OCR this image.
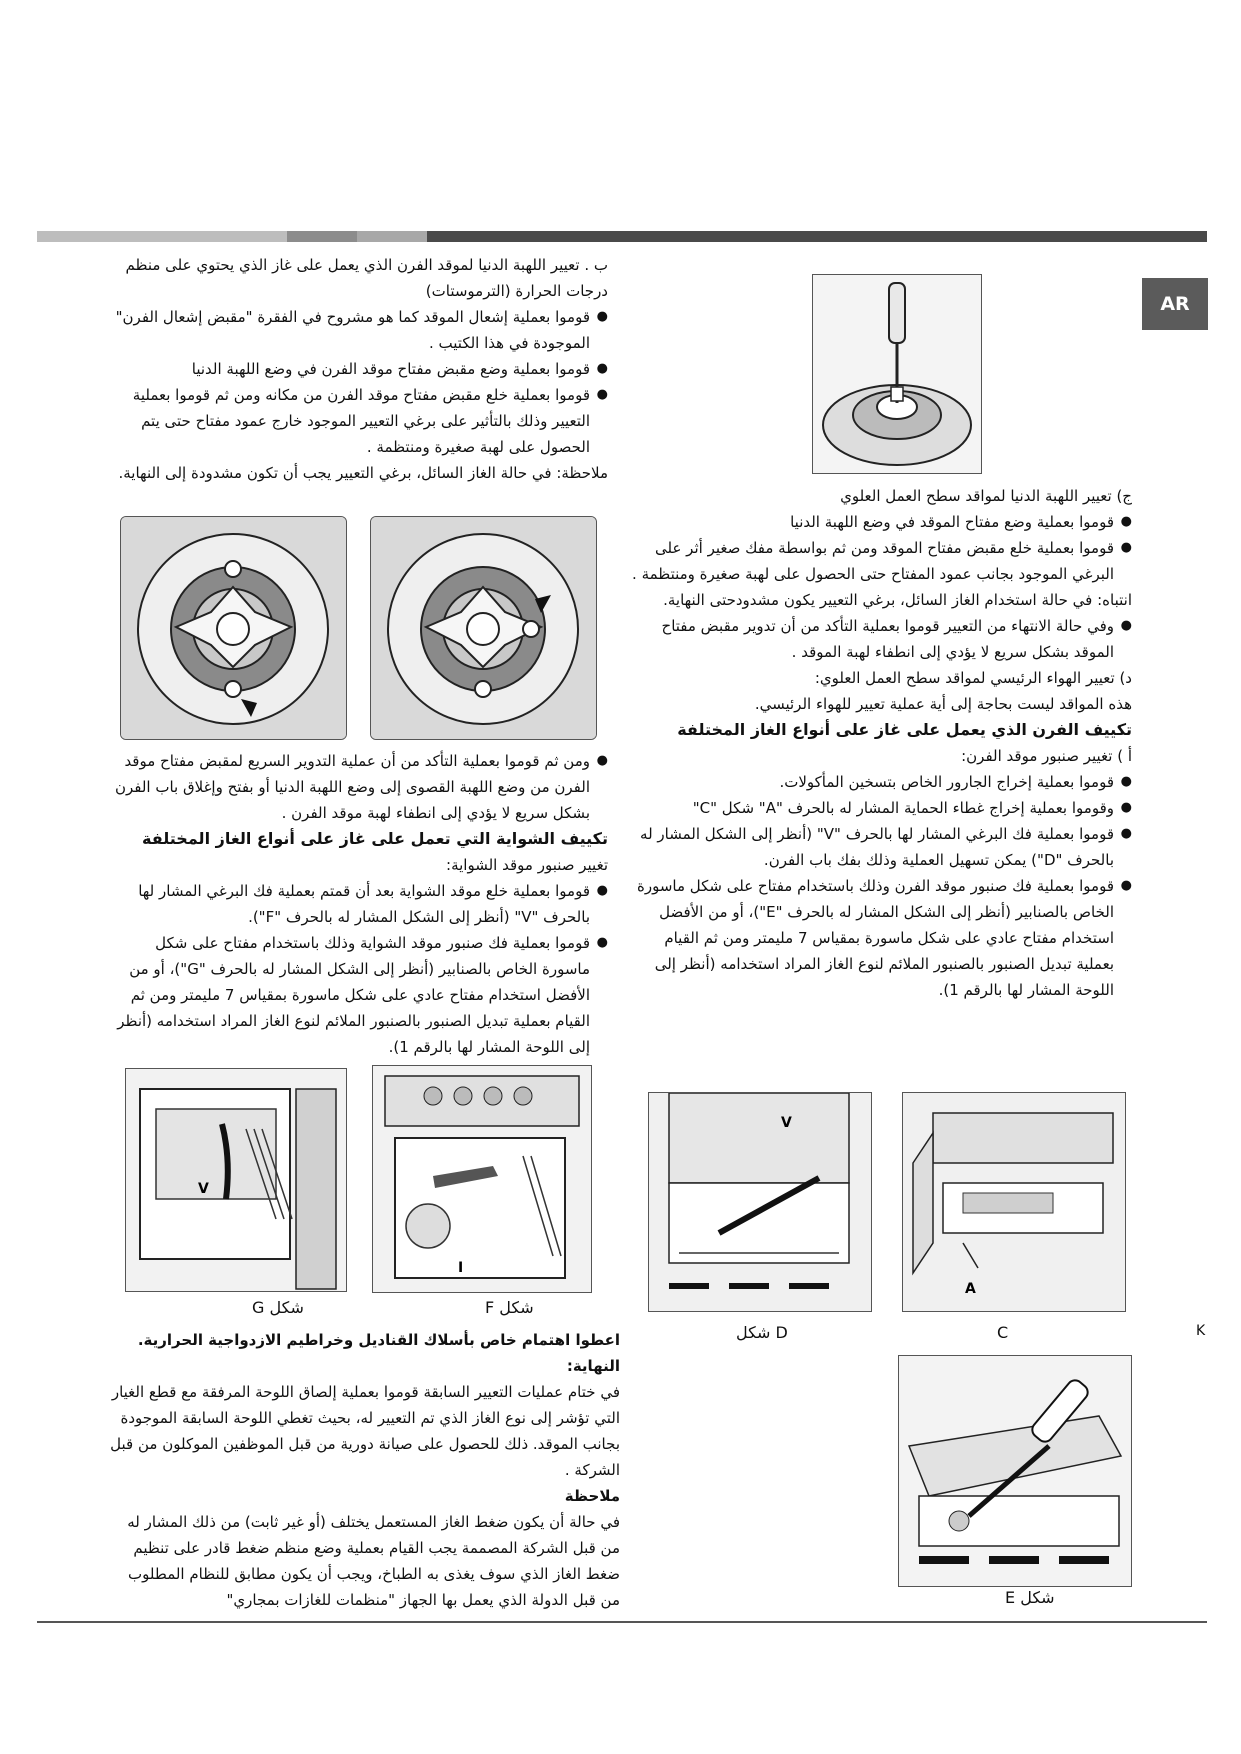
AR

ب . تعيير اللهبة الدنيا لموقد الفرن الذي يعمل على غاز الذي يحتوي على منظم درجات الحرارة (الترموستات)

● قوموا بعملية إشعال الموقد كما هو مشروح في الفقرة "مقبض إشعال الفرن" الموجودة في هذا الكتيب .

● قوموا بعملية وضع مقبض مفتاح موقد الفرن في وضع اللهبة الدنيا

● قوموا بعملية خلع مقبض مفتاح موقد الفرن من مكانه ومن ثم قوموا بعملية التعيير وذلك بالتأثير على برغي التعيير الموجود خارج عمود مفتاح حتى يتم الحصول على لهبة صغيرة ومنتظمة .

ملاحظة: في حالة الغاز السائل، برغي التعيير يجب أن تكون مشدودة إلى النهاية.

● ومن ثم قوموا بعملية التأكد من أن عملية التدوير السريع لمقبض مفتاح موقد الفرن من وضع اللهبة القصوى إلى وضع اللهبة الدنيا أو بفتح وإغلاق باب الفرن بشكل سريع لا يؤدي إلى انطفاء لهبة موقد الفرن .

تكييف الشواية التي تعمل على غاز على أنواع الغاز المختلفة

تغيير صنبور موقد الشواية:

● قوموا بعملية خلع موقد الشواية بعد أن قمتم بعملية فك البرغي المشار لها بالحرف "V" (أنظر إلى الشكل المشار له بالحرف "F").

● قوموا بعملية فك صنبور موقد الشواية وذلك باستخدام مفتاح على شكل ماسورة الخاص بالصنابير (أنظر إلى الشكل المشار له بالحرف "G")، أو من الأفضل استخدام مفتاح عادي على شكل ماسورة بمقياس 7 مليمتر ومن ثم القيام بعملية تبديل الصنبور بالصنبور الملائم لنوع الغاز المراد استخدامه (أنظر إلى اللوحة المشار لها بالرقم 1).

V
I
شكل G	شكل F

اعطوا اهتمام خاص بأسلاك القناديل وخراطيم الازدواجية الحرارية.

النهاية:

في ختام عمليات التعيير السابقة قوموا بعملية إلصاق اللوحة المرفقة مع قطع الغيار التي تؤشر إلى نوع الغاز الذي تم التعيير له، بحيث تغطي اللوحة السابقة الموجودة بجانب الموقد. ذلك للحصول على صيانة دورية من قبل الموظفين الموكلون من قبل الشركة .

ملاحظة

في حالة أن يكون ضغط الغاز المستعمل يختلف (أو غير ثابت) من ذلك المشار له من قبل الشركة المصممة يجب القيام بعملية وضع منظم ضغط قادر على تنظيم ضغط الغاز الذي سوف يغذى به الطباخ، ويجب أن يكون مطابق للنظام المطلوب من قبل الدولة الذي يعمل بها الجهاز "منظمات للغازات بمجاري"

ج) تعيير اللهبة الدنيا لمواقد سطح العمل العلوي

● قوموا بعملية وضع مفتاح الموقد في وضع اللهبة الدنيا

● قوموا بعملية خلع مقبض مفتاح الموقد ومن ثم بواسطة مفك صغير أثر على البرغي الموجود بجانب عمود المفتاح حتى الحصول على لهبة صغيرة ومنتظمة .

انتباه: في حالة استخدام الغاز السائل، برغي التعيير يكون مشدودحتى النهاية.

● وفي حالة الانتهاء من التعيير قوموا بعملية التأكد من أن تدوير مقبض مفتاح الموقد بشكل سريع لا يؤدي إلى انطفاء لهبة الموقد .

د) تعيير الهواء الرئيسي لمواقد سطح العمل العلوي:

هذه المواقد ليست بحاجة إلى أية عملية تعيير للهواء الرئيسي.

تكييف الفرن الذي يعمل على غاز على أنواع الغاز المختلفة

أ ) تغيير صنبور موقد الفرن:

● قوموا بعملية إخراج الجارور الخاص بتسخين المأكولات.

● وقوموا بعملية إخراج غطاء الحماية المشار له بالحرف "A" شكل "C"

● قوموا بعملية فك البرغي المشار لها بالحرف "V" (أنظر إلى الشكل المشار له بالحرف "D") يمكن تسهيل العملية وذلك بفك باب الفرن.

● قوموا بعملية فك صنبور موقد الفرن وذلك باستخدام مفتاح على شكل ماسورة الخاص بالصنابير (أنظر إلى الشكل المشار له بالحرف "E")، أو من الأفضل استخدام مفتاح عادي على شكل ماسورة بمقياس 7 مليمتر ومن ثم القيام بعملية تبديل الصنبور بالصنبور الملائم لنوع الغاز المراد استخدامه (أنظر إلى اللوحة المشار لها بالرقم 1).

V
A
D شكل	C	K
شكل E
